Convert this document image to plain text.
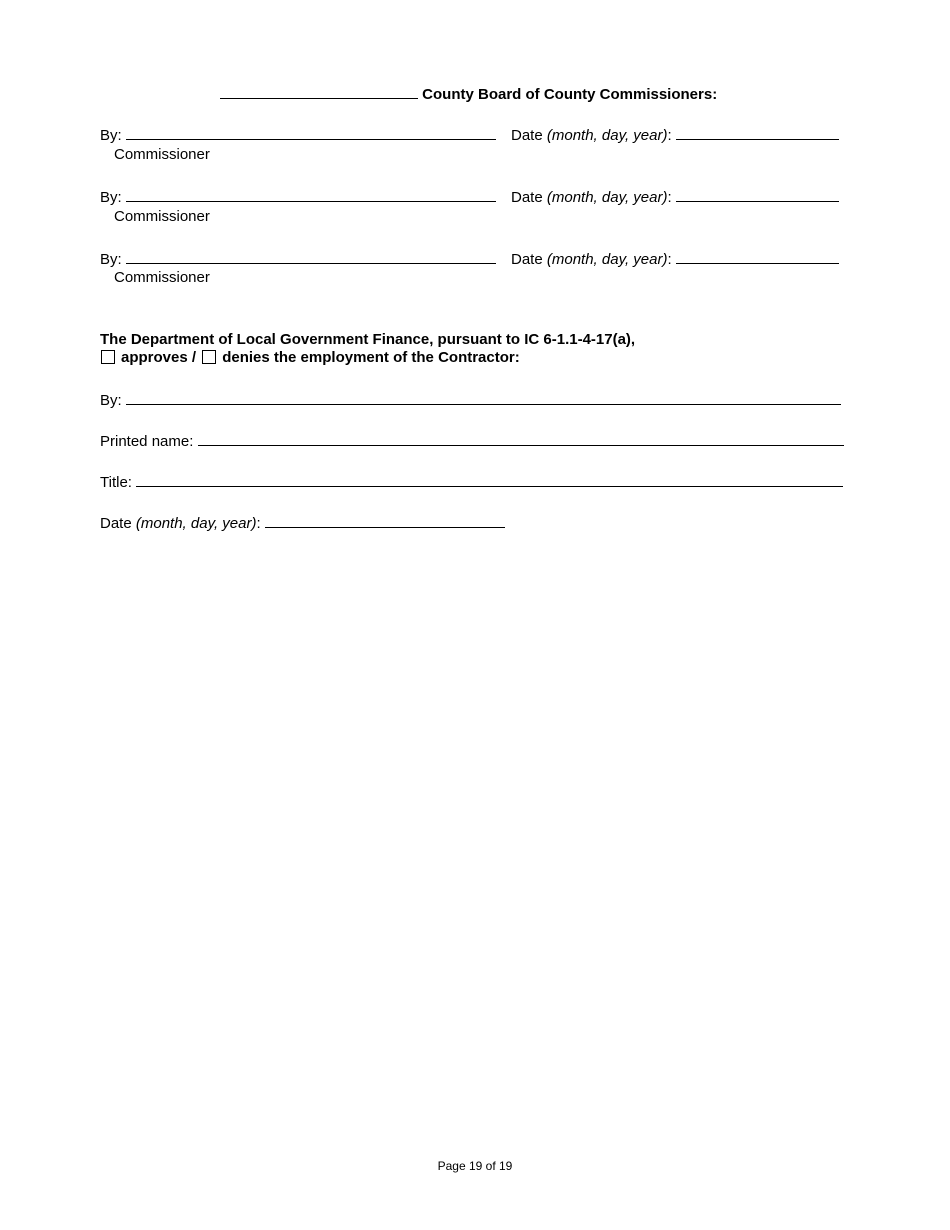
County Board of County Commissioners:
By:	Date (month, day, year):
Commissioner
By:	Date (month, day, year):
Commissioner
By:	Date (month, day, year):
Commissioner
The Department of Local Government Finance, pursuant to IC 6-1.1-4-17(a),
approves / denies the employment of the Contractor:
By:
Printed name:
Title:
Date (month, day, year):
Page 19 of 19
